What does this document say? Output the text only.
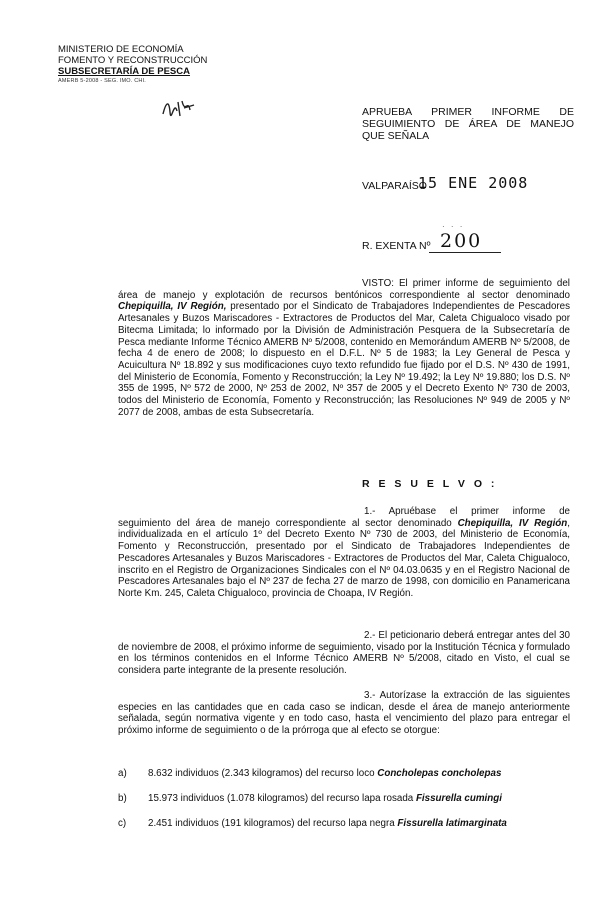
MINISTERIO DE ECONOMÍA
FOMENTO Y RECONSTRUCCIÓN
SUBSECRETARÍA DE PESCA
AMERB 5-2008 - SEG. IMO. CHI.
APRUEBA PRIMER INFORME DE
SEGUIMIENTO DE ÁREA DE MANEJO
QUE SEÑALA
VALPARAÍSO
15 ENE 2008
· · ·
R. EXENTA Nº 200
VISTO: El primer informe de seguimiento del área de manejo y explotación de recursos bentónicos correspondiente al sector denominado Chepiquilla, IV Región, presentado por el Sindicato de Trabajadores Independientes de Pescadores Artesanales y Buzos Mariscadores - Extractores de Productos del Mar, Caleta Chigualoco visado por Bitecma Limitada; lo informado por la División de Administración Pesquera de la Subsecretaría de Pesca mediante Informe Técnico AMERB Nº 5/2008, contenido en Memorándum AMERB Nº 5/2008, de fecha 4 de enero de 2008; lo dispuesto en el D.F.L. Nº 5 de 1983; la Ley General de Pesca y Acuicultura Nº 18.892 y sus modificaciones cuyo texto refundido fue fijado por el D.S. Nº 430 de 1991, del Ministerio de Economía, Fomento y Reconstrucción; la Ley Nº 19.492; la Ley Nº 19.880; los D.S. Nº 355 de 1995, Nº 572 de 2000, Nº 253 de 2002, Nº 357 de 2005 y el Decreto Exento Nº 730 de 2003, todos del Ministerio de Economía, Fomento y Reconstrucción; las Resoluciones Nº 949 de 2005 y Nº 2077 de 2008, ambas de esta Subsecretaría.
R E S U E L V O :
1.- Apruébase el primer informe de seguimiento del área de manejo correspondiente al sector denominado Chepiquilla, IV Región, individualizada en el artículo 1º del Decreto Exento Nº 730 de 2003, del Ministerio de Economía, Fomento y Reconstrucción, presentado por el Sindicato de Trabajadores Independientes de Pescadores Artesanales y Buzos Mariscadores - Extractores de Productos del Mar, Caleta Chigualoco, inscrito en el Registro de Organizaciones Sindicales con el Nº 04.03.0635 y en el Registro Nacional de Pescadores Artesanales bajo el Nº 237 de fecha 27 de marzo de 1998, con domicilio en Panamericana Norte Km. 245, Caleta Chigualoco, provincia de Choapa, IV Región.
2.- El peticionario deberá entregar antes del 30 de noviembre de 2008, el próximo informe de seguimiento, visado por la Institución Técnica y formulado en los términos contenidos en el Informe Técnico AMERB Nº 5/2008, citado en Visto, el cual se considera parte integrante de la presente resolución.
3.- Autorízase la extracción de las siguientes especies en las cantidades que en cada caso se indican, desde el área de manejo anteriormente señalada, según normativa vigente y en todo caso, hasta el vencimiento del plazo para entregar el próximo informe de seguimiento o de la prórroga que al efecto se otorgue:
a) 8.632 individuos (2.343 kilogramos) del recurso loco Concholepas concholepas
b) 15.973 individuos (1.078 kilogramos) del recurso lapa rosada Fissurella cumingi
c) 2.451 individuos (191 kilogramos) del recurso lapa negra Fissurella latimarginata
